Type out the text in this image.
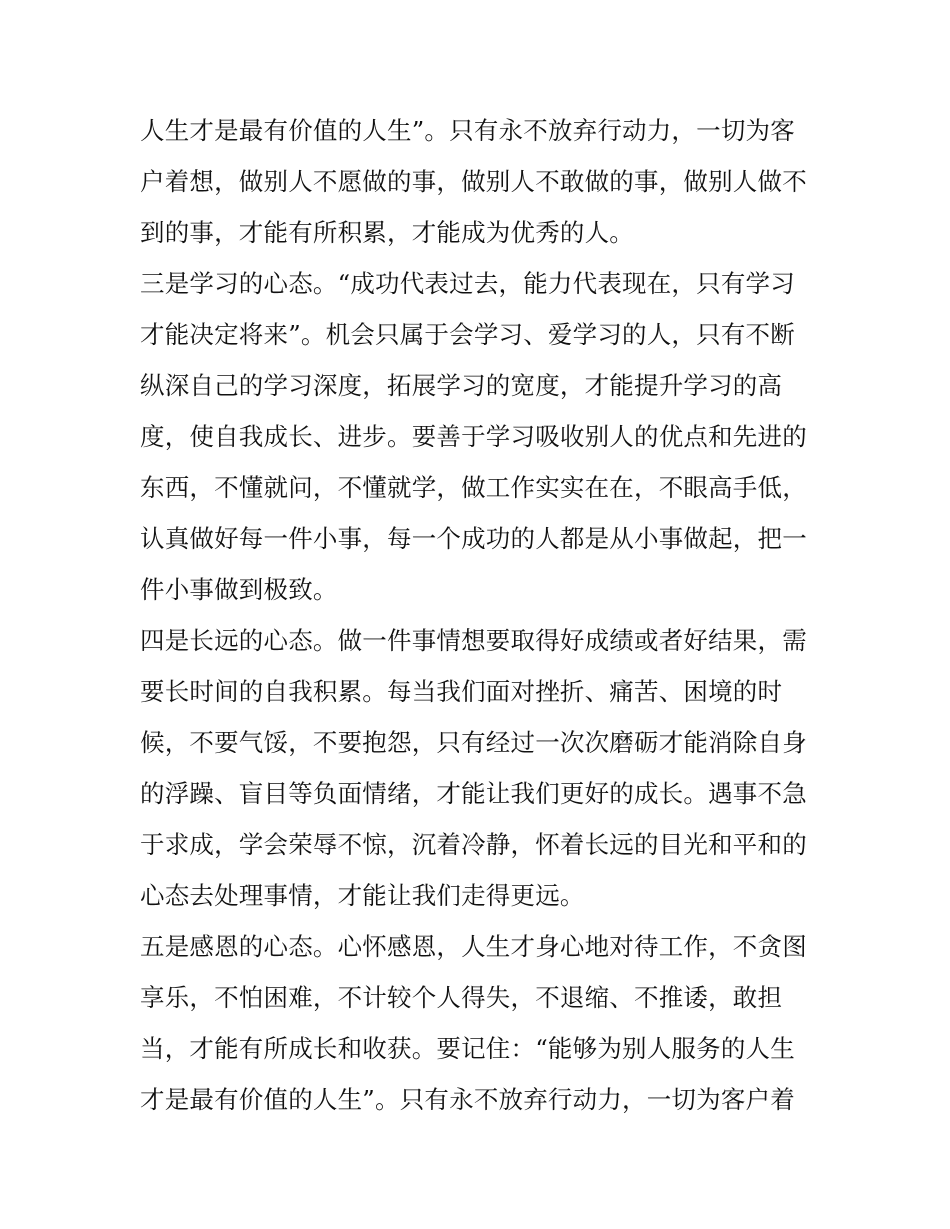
人生才是最有价值的人生”。只有永不放弃行动力，一切为客
户着想，做别人不愿做的事，做别人不敢做的事，做别人做不
到的事，才能有所积累，才能成为优秀的人。
三是学习的心态。“成功代表过去，能力代表现在，只有学习
才能决定将来”。机会只属于会学习、爱学习的人，只有不断
纵深自己的学习深度，拓展学习的宽度，才能提升学习的高
度，使自我成长、进步。要善于学习吸收别人的优点和先进的
东西，不懂就问，不懂就学，做工作实实在在，不眼高手低，
认真做好每一件小事，每一个成功的人都是从小事做起，把一
件小事做到极致。
四是长远的心态。做一件事情想要取得好成绩或者好结果，需
要长时间的自我积累。每当我们面对挫折、痛苦、困境的时
候，不要气馁，不要抱怨，只有经过一次次磨砺才能消除自身
的浮躁、盲目等负面情绪，才能让我们更好的成长。遇事不急
于求成，学会荣辱不惊，沉着冷静，怀着长远的目光和平和的
心态去处理事情，才能让我们走得更远。
五是感恩的心态。心怀感恩，人生才身心地对待工作，不贪图
享乐，不怕困难，不计较个人得失，不退缩、不推诿，敢担
当，才能有所成长和收获。要记住：“能够为别人服务的人生
才是最有价值的人生”。只有永不放弃行动力，一切为客户着
